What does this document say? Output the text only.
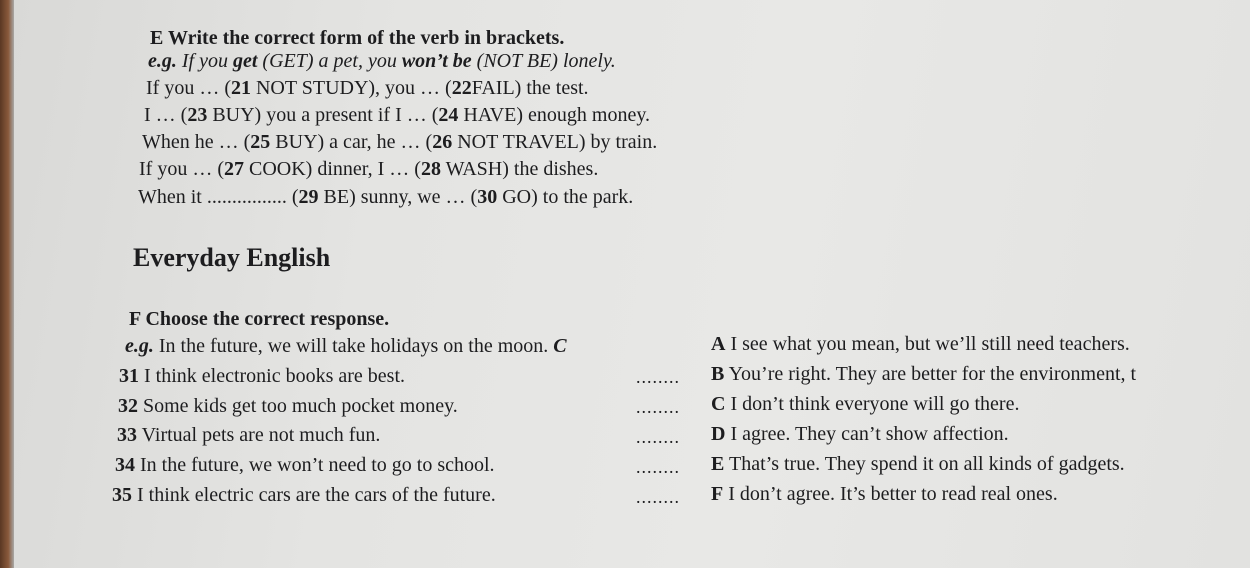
E Write the correct form of the verb in brackets.
e.g. If you get (GET) a pet, you won’t be (NOT BE) lonely.
If you … (21 NOT STUDY), you … (22FAIL) the test.
I … (23 BUY) you a present if I … (24 HAVE) enough money.
When he … (25 BUY) a car, he … (26 NOT TRAVEL) by train.
If you … (27 COOK) dinner, I … (28 WASH) the dishes.
When it ................ (29 BE) sunny, we … (30 GO) to the park.
Everyday English
F Choose the correct response.
e.g. In the future, we will take holidays on the moon. C
31 I think electronic books are best.	........
32 Some kids get too much pocket money.	........
33 Virtual pets are not much fun.	........
34 In the future, we won’t need to go to school.	........
35 I think electric cars are the cars of the future.	........
A I see what you mean, but we’ll still need teachers.
B You’re right. They are better for the environment, t
C I don’t think everyone will go there.
D I agree. They can’t show affection.
E That’s true. They spend it on all kinds of gadgets.
F I don’t agree. It’s better to read real ones.
